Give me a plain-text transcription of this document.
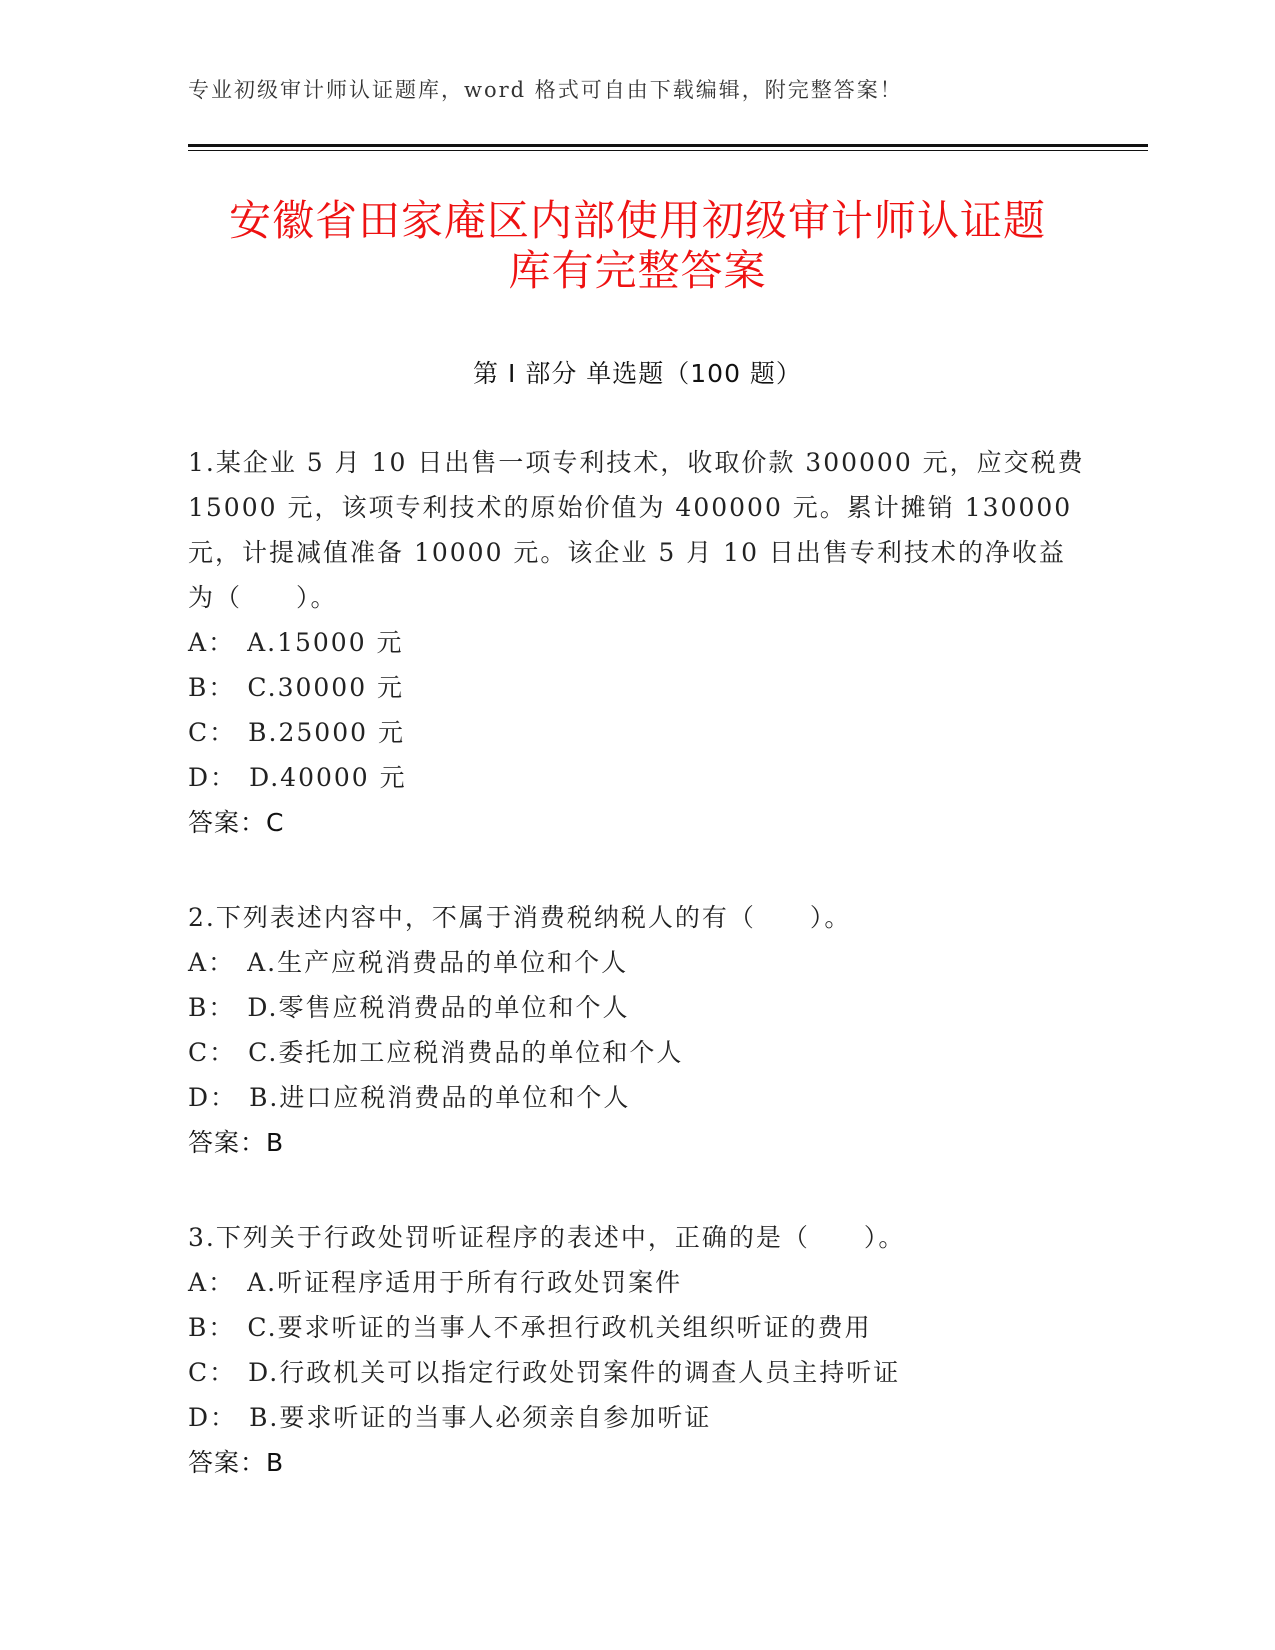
专业初级审计师认证题库，word 格式可自由下载编辑，附完整答案！
安徽省田家庵区内部使用初级审计师认证题
库有完整答案
第 I 部分 单选题（100 题）
1.某企业 5 月 10 日出售一项专利技术，收取价款 300000 元，应交税费 15000 元，该项专利技术的原始价值为 400000 元。累计摊销 130000 元，计提减值准备 10000 元。该企业 5 月 10 日出售专利技术的净收益为（　　）。
A： A.15000 元
B： C.30000 元
C： B.25000 元
D： D.40000 元
答案：C
2.下列表述内容中，不属于消费税纳税人的有（　　）。
A： A.生产应税消费品的单位和个人
B： D.零售应税消费品的单位和个人
C： C.委托加工应税消费品的单位和个人
D： B.进口应税消费品的单位和个人
答案：B
3.下列关于行政处罚听证程序的表述中，正确的是（　　）。
A： A.听证程序适用于所有行政处罚案件
B： C.要求听证的当事人不承担行政机关组织听证的费用
C： D.行政机关可以指定行政处罚案件的调查人员主持听证
D： B.要求听证的当事人必须亲自参加听证
答案：B
